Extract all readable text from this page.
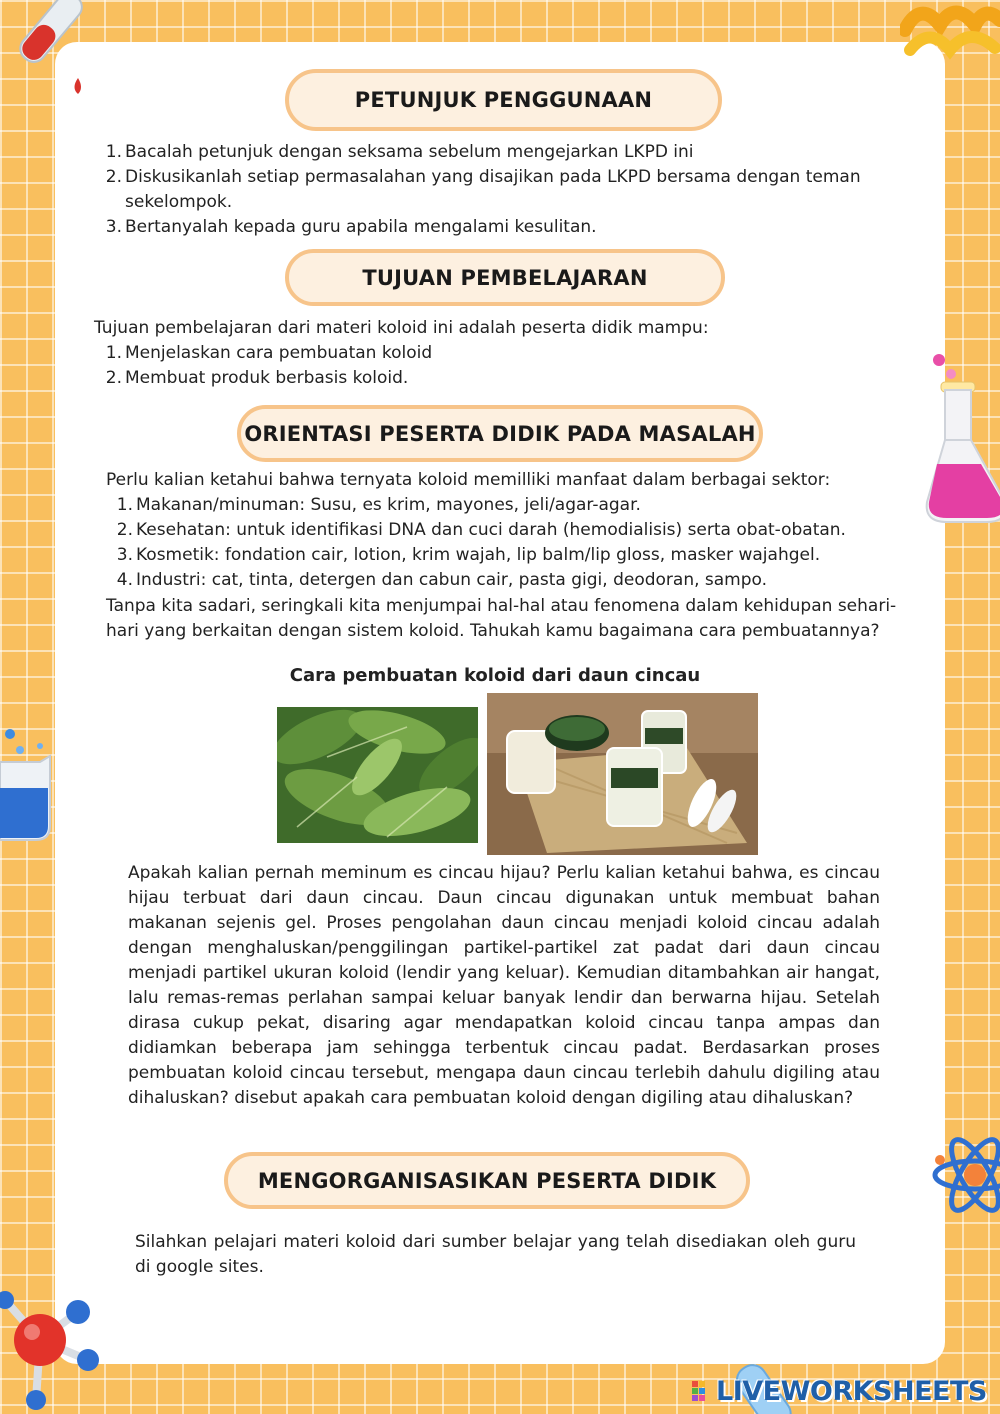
PETUNJUK PENGGUNAAN
1. Bacalah petunjuk dengan seksama sebelum mengejarkan LKPD ini
2. Diskusikanlah setiap permasalahan yang disajikan pada LKPD bersama dengan teman sekelompok.
3. Bertanyalah kepada guru apabila mengalami kesulitan.
TUJUAN PEMBELAJARAN
Tujuan pembelajaran dari materi koloid ini adalah peserta didik mampu:
1. Menjelaskan cara pembuatan koloid
2. Membuat produk berbasis koloid.
ORIENTASI PESERTA DIDIK PADA MASALAH
Perlu kalian ketahui bahwa ternyata koloid memilliki manfaat dalam berbagai sektor:
1. Makanan/minuman: Susu, es krim, mayones, jeli/agar-agar.
2. Kesehatan: untuk identifikasi DNA dan cuci darah (hemodialisis) serta obat-obatan.
3. Kosmetik: fondation cair, lotion, krim wajah, lip balm/lip gloss, masker wajahgel.
4. Industri: cat, tinta, detergen dan cabun cair, pasta gigi, deodoran, sampo.
Tanpa kita sadari, seringkali kita menjumpai hal-hal atau fenomena dalam kehidupan sehari-hari yang berkaitan dengan sistem koloid. Tahukah kamu bagaimana cara pembuatannya?
Cara pembuatan koloid dari daun cincau
Apakah kalian pernah meminum es cincau hijau? Perlu kalian ketahui bahwa, es cincau hijau terbuat dari daun cincau. Daun cincau digunakan untuk membuat bahan makanan sejenis gel. Proses pengolahan daun cincau menjadi koloid cincau adalah dengan menghaluskan/penggilingan partikel-partikel zat padat dari daun cincau menjadi partikel ukuran koloid (lendir yang keluar). Kemudian ditambahkan air hangat, lalu remas-remas perlahan sampai keluar banyak lendir dan berwarna hijau. Setelah dirasa cukup pekat, disaring agar mendapatkan koloid cincau tanpa ampas dan didiamkan beberapa jam sehingga terbentuk cincau padat. Berdasarkan proses pembuatan koloid cincau tersebut, mengapa daun cincau terlebih dahulu digiling atau dihaluskan? disebut apakah cara pembuatan koloid dengan digiling atau dihaluskan?
MENGORGANISASIKAN PESERTA DIDIK
Silahkan pelajari materi koloid dari sumber belajar yang telah disediakan oleh guru di google sites.
LIVEWORKSHEETS
